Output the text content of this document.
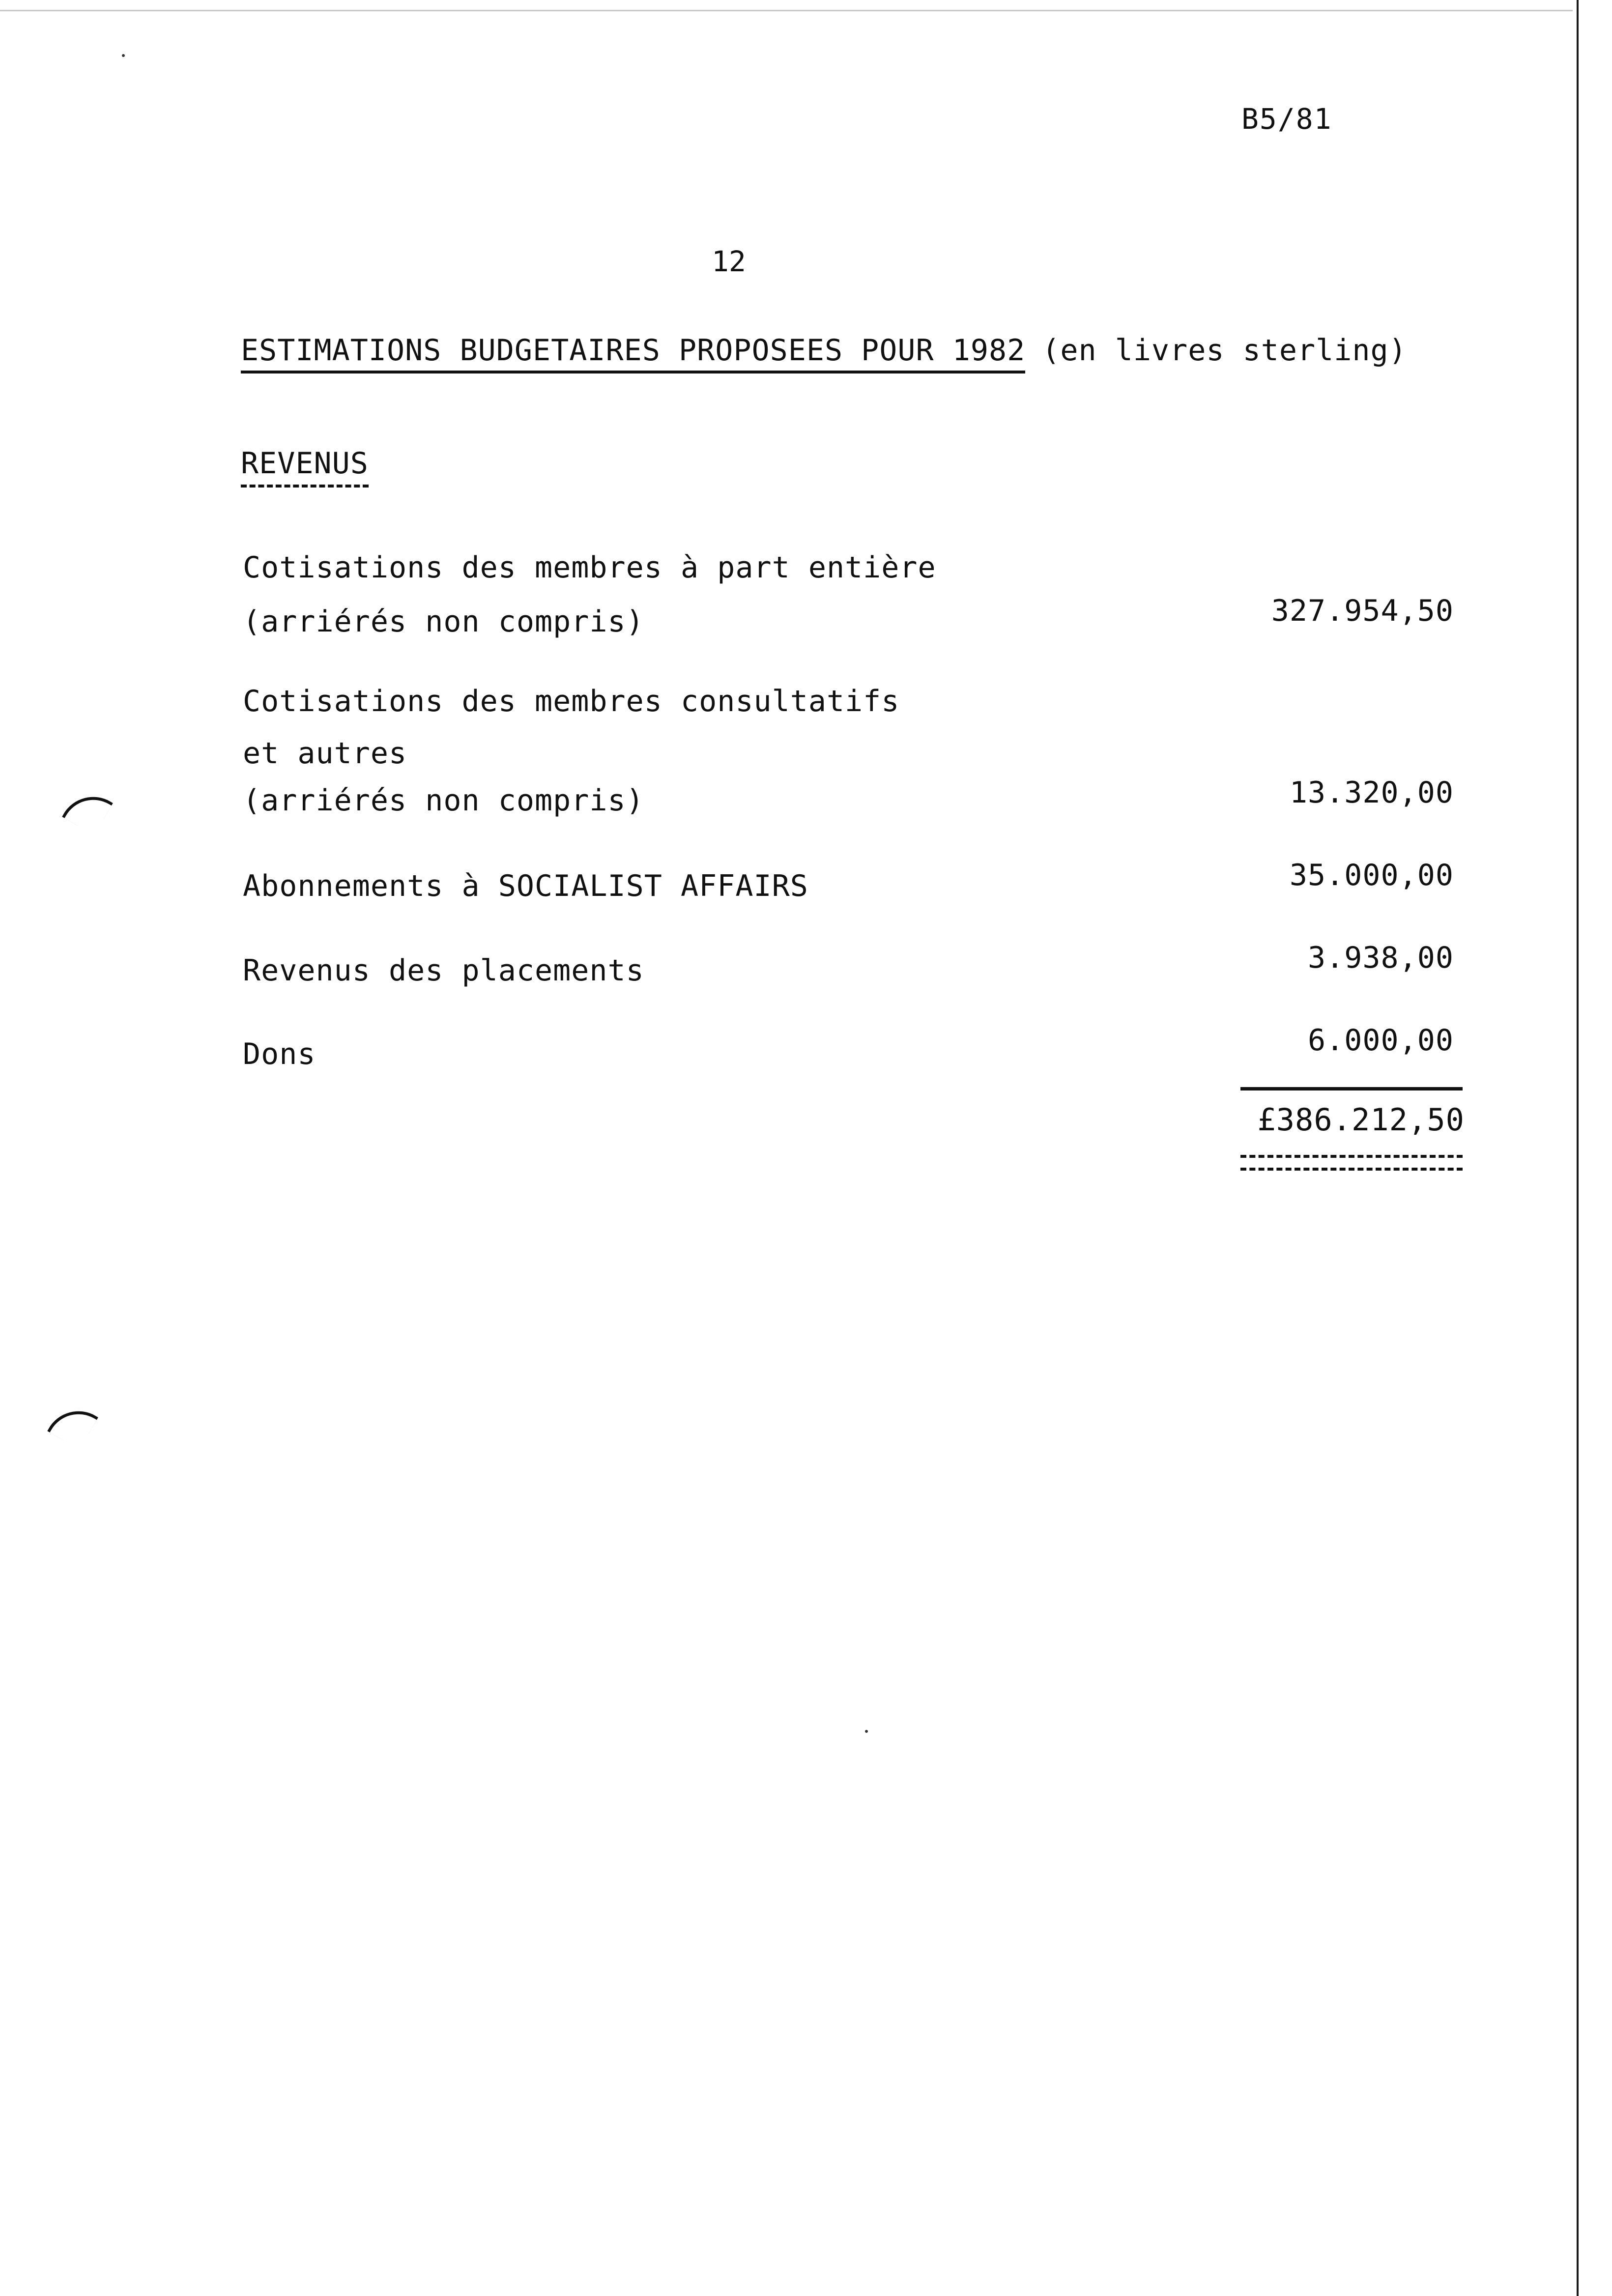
B5/81
12
ESTIMATIONS BUDGETAIRES PROPOSEES POUR 1982 (en livres sterling)
REVENUS
Cotisations des membres à part entière
(arriérés non compris)	327.954,50
Cotisations des membres consultatifs
et autres
(arriérés non compris)	13.320,00
Abonnements à SOCIALIST AFFAIRS	35.000,00
Revenus des placements	3.938,00
Dons	6.000,00
£386.212,50
